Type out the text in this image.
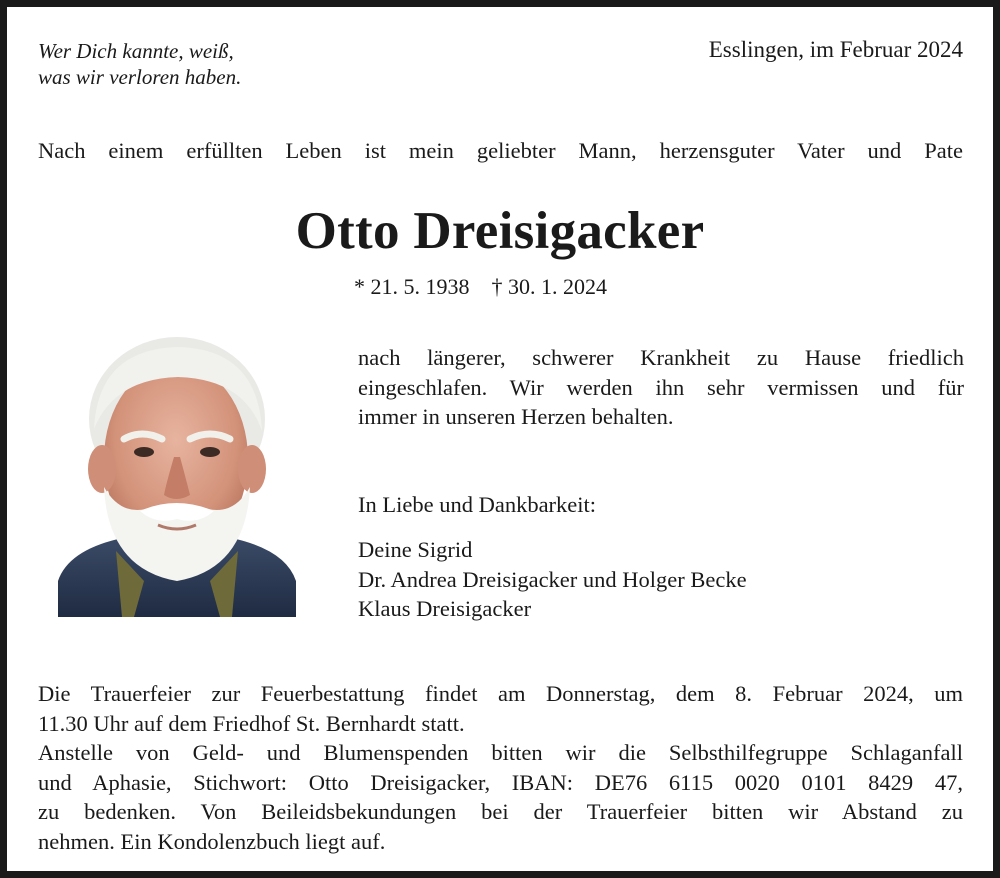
Wer Dich kannte, weiß,
was wir verloren haben.
Esslingen, im Februar 2024
Nach einem erfüllten Leben ist mein geliebter Mann, herzensguter Vater und Pate
Otto Dreisigacker
* 21. 5. 1938 † 30. 1. 2024
nach längerer, schwerer Krankheit zu Hause friedlich
eingeschlafen. Wir werden ihn sehr vermissen und für
immer in unseren Herzen behalten.
In Liebe und Dankbarkeit:
Deine Sigrid
Dr. Andrea Dreisigacker und Holger Becke
Klaus Dreisigacker
Die Trauerfeier zur Feuerbestattung findet am Donnerstag, dem 8. Februar 2024, um
11.30 Uhr auf dem Friedhof St. Bernhardt statt.
Anstelle von Geld- und Blumenspenden bitten wir die Selbsthilfegruppe Schlaganfall
und Aphasie, Stichwort: Otto Dreisigacker, IBAN: DE76 6115 0020 0101 8429 47,
zu bedenken. Von Beileidsbekundungen bei der Trauerfeier bitten wir Abstand zu
nehmen. Ein Kondolenzbuch liegt auf.
